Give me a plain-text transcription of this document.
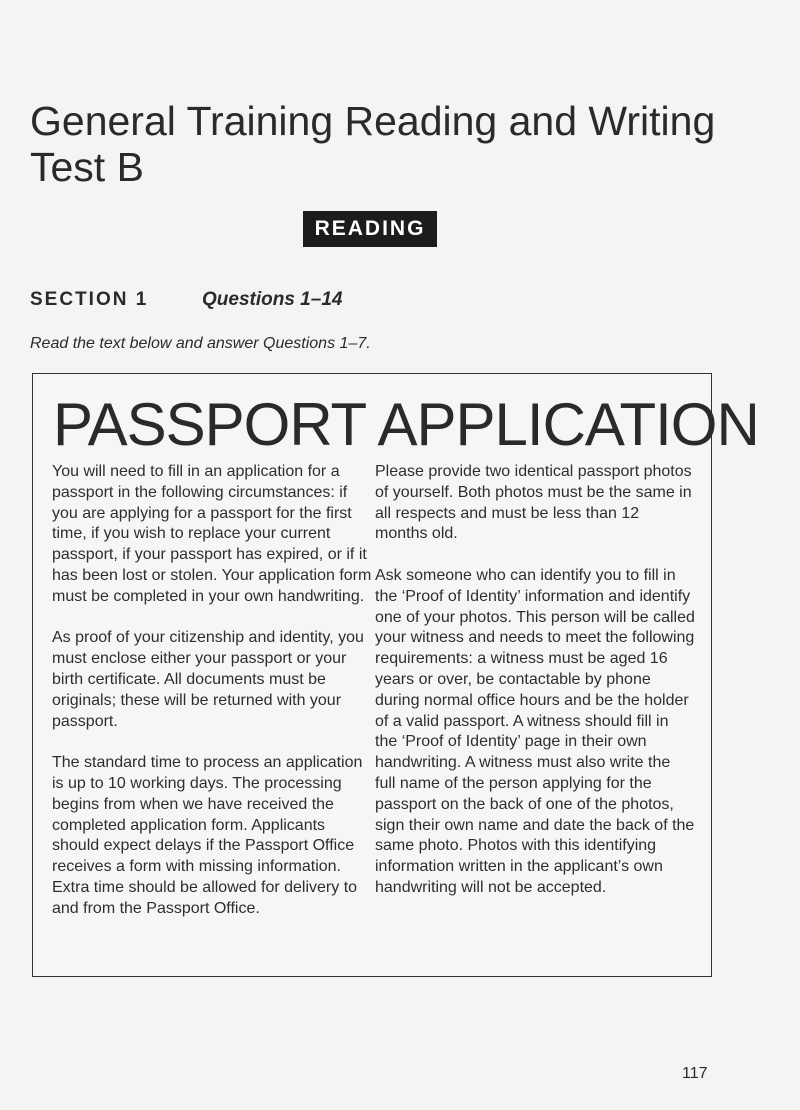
General Training Reading and Writing Test B
READING
SECTION 1	Questions 1–14
Read the text below and answer Questions 1–7.
PASSPORT APPLICATION

You will need to fill in an application for a passport in the following circumstances: if you are applying for a passport for the first time, if you wish to replace your current passport, if your passport has expired, or if it has been lost or stolen. Your application form must be completed in your own handwriting.

As proof of your citizenship and identity, you must enclose either your passport or your birth certificate. All documents must be originals; these will be returned with your passport.

The standard time to process an application is up to 10 working days. The processing begins from when we have received the completed application form. Applicants should expect delays if the Passport Office receives a form with missing information. Extra time should be allowed for delivery to and from the Passport Office.

Please provide two identical passport photos of yourself. Both photos must be the same in all respects and must be less than 12 months old.

Ask someone who can identify you to fill in the ‘Proof of Identity’ information and identify one of your photos. This person will be called your witness and needs to meet the following requirements: a witness must be aged 16 years or over, be contactable by phone during normal office hours and be the holder of a valid passport. A witness should fill in the ‘Proof of Identity’ page in their own handwriting. A witness must also write the full name of the person applying for the passport on the back of one of the photos, sign their own name and date the back of the same photo. Photos with this identifying information written in the applicant’s own handwriting will not be accepted.

117
